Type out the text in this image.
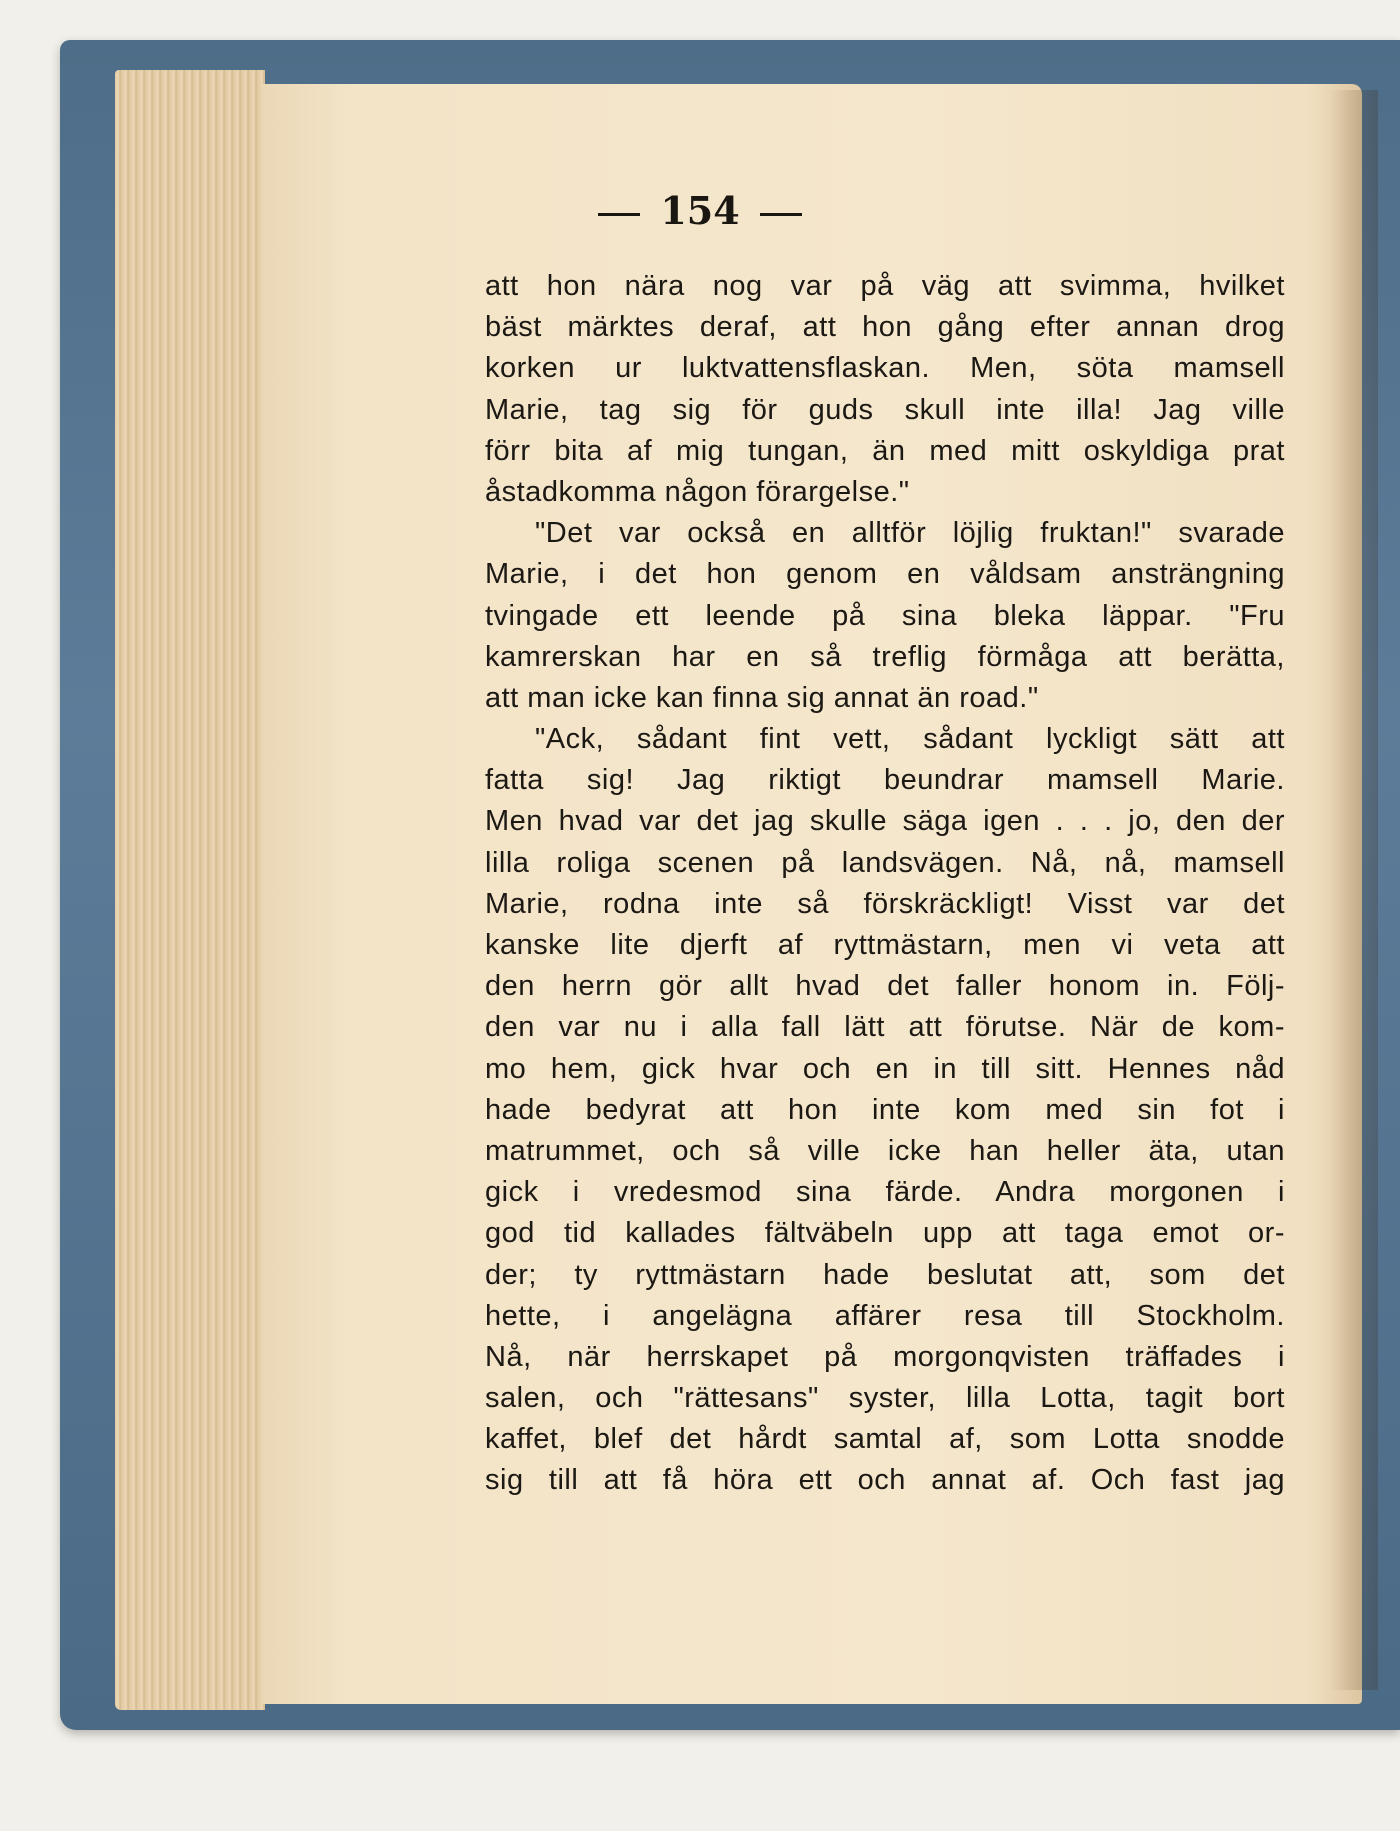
154
att hon nära nog var på väg att svimma, hvilket
bäst märktes deraf, att hon gång efter annan drog
korken ur luktvattensflaskan. Men, söta mamsell
Marie, tag sig för guds skull inte illa! Jag ville
förr bita af mig tungan, än med mitt oskyldiga prat
åstadkomma någon förargelse."
"Det var också en alltför löjlig fruktan!" svarade
Marie, i det hon genom en våldsam ansträngning
tvingade ett leende på sina bleka läppar. "Fru
kamrerskan har en så treflig förmåga att berätta,
att man icke kan finna sig annat än road."
"Ack, sådant fint vett, sådant lyckligt sätt att
fatta sig! Jag riktigt beundrar mamsell Marie.
Men hvad var det jag skulle säga igen . . . jo, den der
lilla roliga scenen på landsvägen. Nå, nå, mamsell
Marie, rodna inte så förskräckligt! Visst var det
kanske lite djerft af ryttmästarn, men vi veta att
den herrn gör allt hvad det faller honom in. Följ-
den var nu i alla fall lätt att förutse. När de kom-
mo hem, gick hvar och en in till sitt. Hennes nåd
hade bedyrat att hon inte kom med sin fot i
matrummet, och så ville icke han heller äta, utan
gick i vredesmod sina färde. Andra morgonen i
god tid kallades fältväbeln upp att taga emot or-
der; ty ryttmästarn hade beslutat att, som det
hette, i angelägna affärer resa till Stockholm.
Nå, när herrskapet på morgonqvisten träffades i
salen, och "rättesans" syster, lilla Lotta, tagit bort
kaffet, blef det hårdt samtal af, som Lotta snodde
sig till att få höra ett och annat af. Och fast jag
